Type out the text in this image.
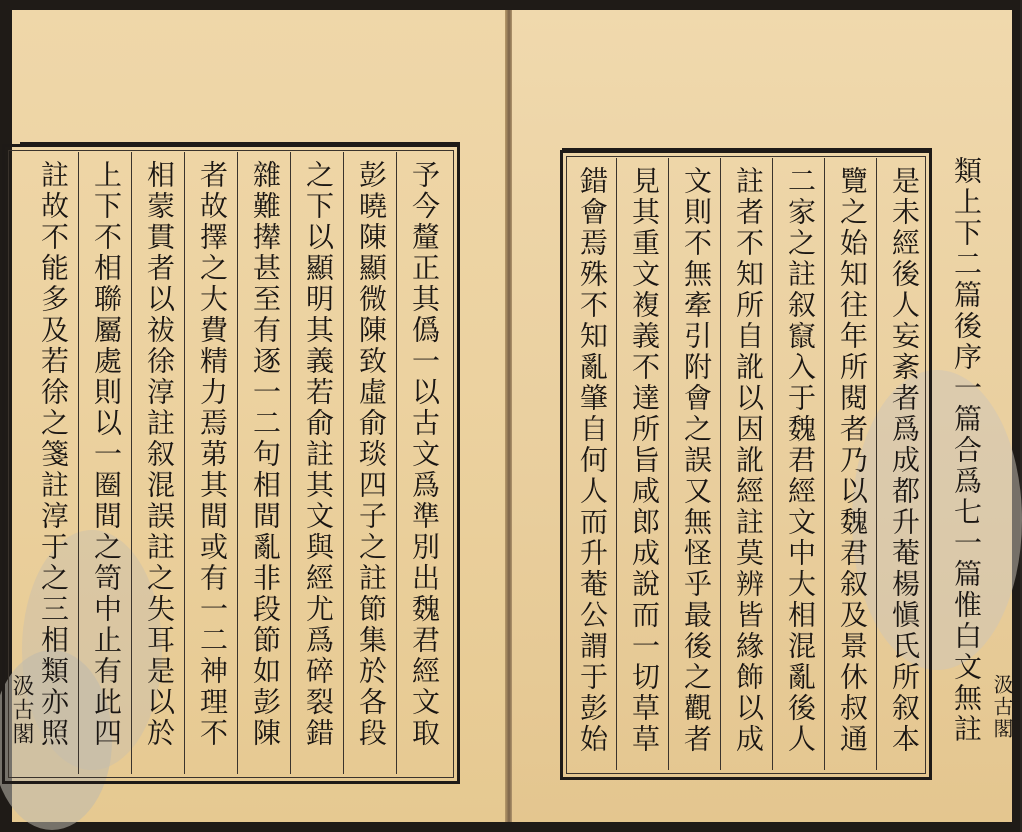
予今釐正其僞一以古文爲準別出魏君經文取
彭曉陳顯微陳致虛俞琰四子之註節集於各段
之下以顯明其義若俞註其文與經尤爲碎裂錯
雜難撵甚至有逐一二句相間亂非段節如彭陳
者故擇之大費精力焉苐其間或有一二神理不
相蒙貫者以祓徐淳註叙混誤註之失耳是以於
上下不相聯屬處則以一圈間之笥中止有此四
註故不能多及若徐之箋註淳于之三相類亦照
汲古閣	類上下二篇後序一篇合爲七一篇惟白文無註
是未經後人妄紊者爲成都升菴楊愼氏所叙本
覽之始知往年所閱者乃以魏君叙及景休叔通
二家之註叙竄入于魏君經文中大相混亂後人
註者不知所自訛以因訛經註莫辨皆緣飾以成
文則不無牽引附會之誤又無怪乎最後之觀者
見其重文複義不達所旨咸郎成說而一切草草
錯會焉殊不知亂肇自何人而升菴公謂于彭始	汲古閣
